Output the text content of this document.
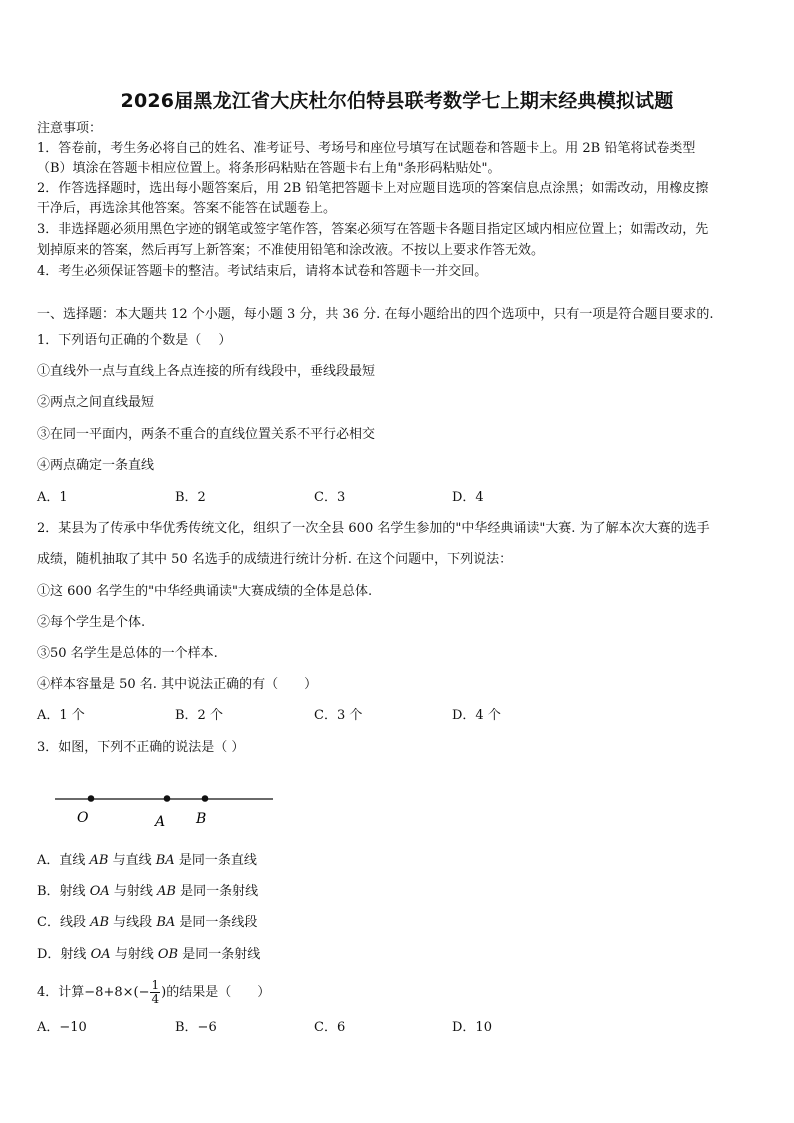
2026届黑龙江省大庆杜尔伯特县联考数学七上期末经典模拟试题
注意事项：
1．答卷前，考生务必将自己的姓名、准考证号、考场号和座位号填写在试题卷和答题卡上。用 2B 铅笔将试卷类型
（B）填涂在答题卡相应位置上。将条形码粘贴在答题卡右上角"条形码粘贴处"。
2．作答选择题时，选出每小题答案后，用 2B 铅笔把答题卡上对应题目选项的答案信息点涂黑；如需改动，用橡皮擦
干净后，再选涂其他答案。答案不能答在试题卷上。
3．非选择题必须用黑色字迹的钢笔或签字笔作答，答案必须写在答题卡各题目指定区域内相应位置上；如需改动，先
划掉原来的答案，然后再写上新答案；不准使用铅笔和涂改液。不按以上要求作答无效。
4．考生必须保证答题卡的整洁。考试结束后，请将本试卷和答题卡一并交回。
一、选择题：本大题共 12 个小题，每小题 3 分，共 36 分. 在每小题给出的四个选项中，只有一项是符合题目要求的.
1．下列语句正确的个数是（　 ）
①直线外一点与直线上各点连接的所有线段中，垂线段最短
②两点之间直线最短
③在同一平面内，两条不重合的直线位置关系不平行必相交
④两点确定一条直线
A．1	B．2	C．3	D．4
2．某县为了传承中华优秀传统文化，组织了一次全县 600 名学生参加的"中华经典诵读"大赛. 为了解本次大赛的选手
成绩，随机抽取了其中 50 名选手的成绩进行统计分析. 在这个问题中，下列说法：
①这 600 名学生的"中华经典诵读"大赛成绩的全体是总体.
②每个学生是个体.
③50 名学生是总体的一个样本.
④样本容量是 50 名. 其中说法正确的有（　　）
A．1 个	B．2 个	C．3 个	D．4 个
3．如图，下列不正确的说法是（ ）
O	A B
A．直线 AB 与直线 BA 是同一条直线
B．射线 OA 与射线 AB 是同一条射线
C．线段 AB 与线段 BA 是同一条线段
D．射线 OA 与射线 OB 是同一条射线
4．计算$-8+8\times(- \frac{1}{4}$ )的结果是（　　）
A．−10	B．−6	C．6	D．10
